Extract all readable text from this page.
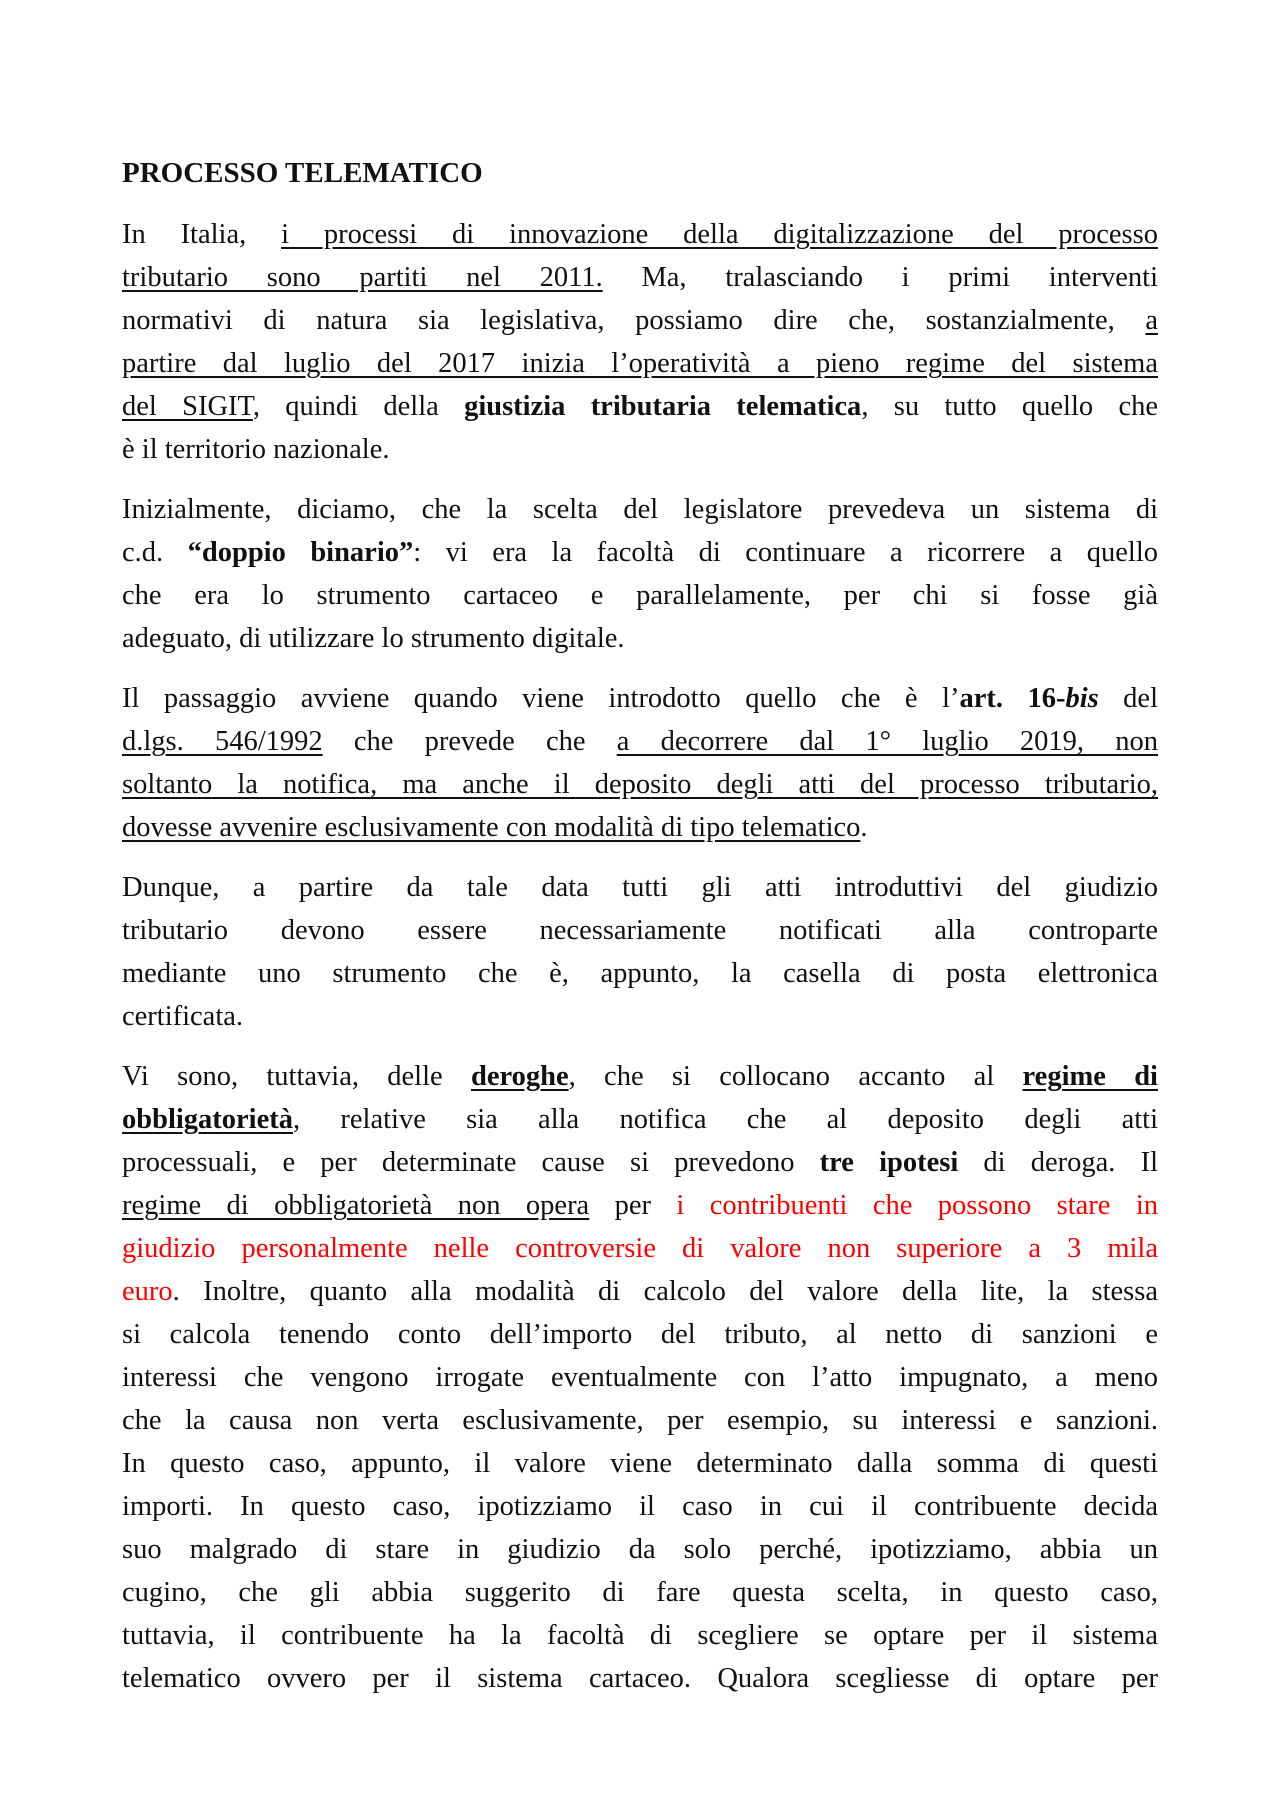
PROCESSO TELEMATICO
In Italia, i processi di innovazione della digitalizzazione del processo
tributario sono partiti nel 2011. Ma, tralasciando i primi interventi
normativi di natura sia legislativa, possiamo dire che, sostanzialmente, a
partire dal luglio del 2017 inizia l’operatività a pieno regime del sistema
del SIGIT, quindi della giustizia tributaria telematica, su tutto quello che
è il territorio nazionale.
Inizialmente, diciamo, che la scelta del legislatore prevedeva un sistema di
c.d. “doppio binario”: vi era la facoltà di continuare a ricorrere a quello
che era lo strumento cartaceo e parallelamente, per chi si fosse già
adeguato, di utilizzare lo strumento digitale.
Il passaggio avviene quando viene introdotto quello che è l’art. 16-bis del
d.lgs. 546/1992 che prevede che a decorrere dal 1° luglio 2019, non
soltanto la notifica, ma anche il deposito degli atti del processo tributario,
dovesse avvenire esclusivamente con modalità di tipo telematico.
Dunque, a partire da tale data tutti gli atti introduttivi del giudizio
tributario devono essere necessariamente notificati alla controparte
mediante uno strumento che è, appunto, la casella di posta elettronica
certificata.
Vi sono, tuttavia, delle deroghe, che si collocano accanto al regime di
obbligatorietà, relative sia alla notifica che al deposito degli atti
processuali, e per determinate cause si prevedono tre ipotesi di deroga. Il
regime di obbligatorietà non opera per i contribuenti che possono stare in
giudizio personalmente nelle controversie di valore non superiore a 3 mila
euro. Inoltre, quanto alla modalità di calcolo del valore della lite, la stessa
si calcola tenendo conto dell’importo del tributo, al netto di sanzioni e
interessi che vengono irrogate eventualmente con l’atto impugnato, a meno
che la causa non verta esclusivamente, per esempio, su interessi e sanzioni.
In questo caso, appunto, il valore viene determinato dalla somma di questi
importi. In questo caso, ipotizziamo il caso in cui il contribuente decida
suo malgrado di stare in giudizio da solo perché, ipotizziamo, abbia un
cugino, che gli abbia suggerito di fare questa scelta, in questo caso,
tuttavia, il contribuente ha la facoltà di scegliere se optare per il sistema
telematico ovvero per il sistema cartaceo. Qualora scegliesse di optare per
